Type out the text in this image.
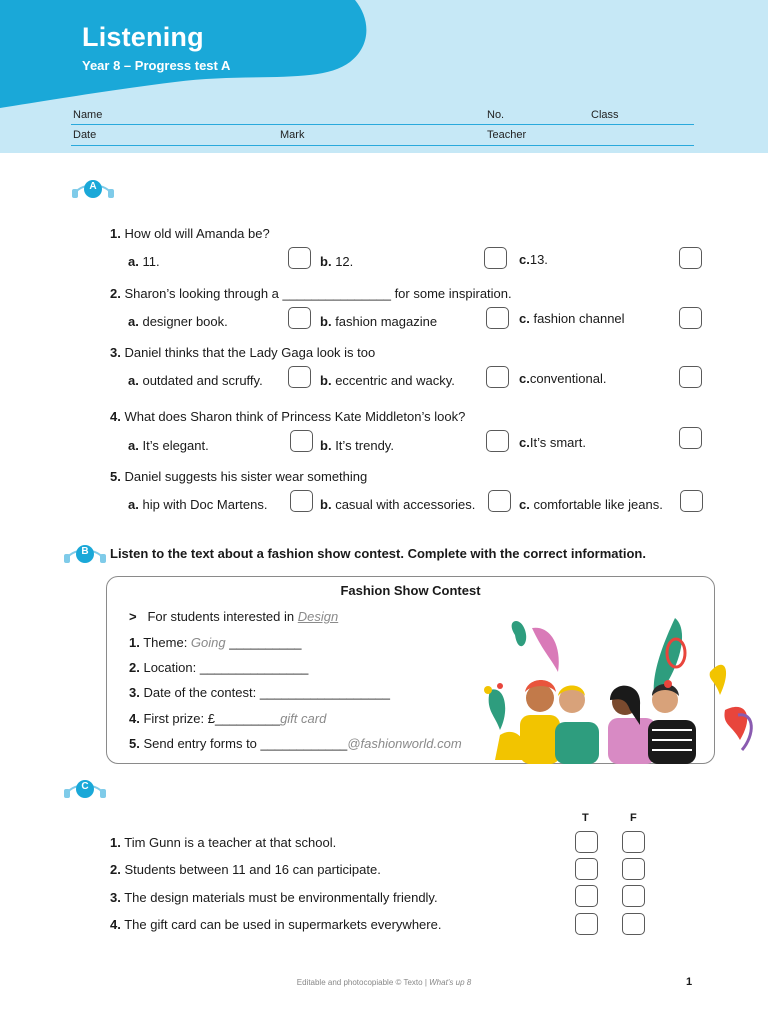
Listening
Year 8 – Progress test A
Name	No.	Class
Date	Mark	Teacher
A
1. How old will Amanda be?
a. 11.	b. 12.	c.13.
2. Sharon’s looking through a _______________ for some inspiration.
a. designer book.	b. fashion magazine	c. fashion channel
3. Daniel thinks that the Lady Gaga look is too
a. outdated and scruffy.	b. eccentric and wacky.	c.conventional.
4. What does Sharon think of Princess Kate Middleton’s look?
a. It’s elegant.	b. It’s trendy.	c.It’s smart.
5. Daniel suggests his sister wear something
a. hip with Doc Martens.	b. casual with accessories.	c. comfortable like jeans.
B	Listen to the text about a fashion show contest. Complete with the correct information.
Fashion Show Contest
> For students interested in Design
1. Theme: Going __________
2. Location: _______________
3. Date of the contest: __________________
4. First prize: £_________gift card
5. Send entry forms to ____________@fashionworld.com
C
T	F
1. Tim Gunn is a teacher at that school.
2. Students between 11 and 16 can participate.
3. The design materials must be environmentally friendly.
4. The gift card can be used in supermarkets everywhere.
Editable and photocopiable © Texto | What’s up 8	1
